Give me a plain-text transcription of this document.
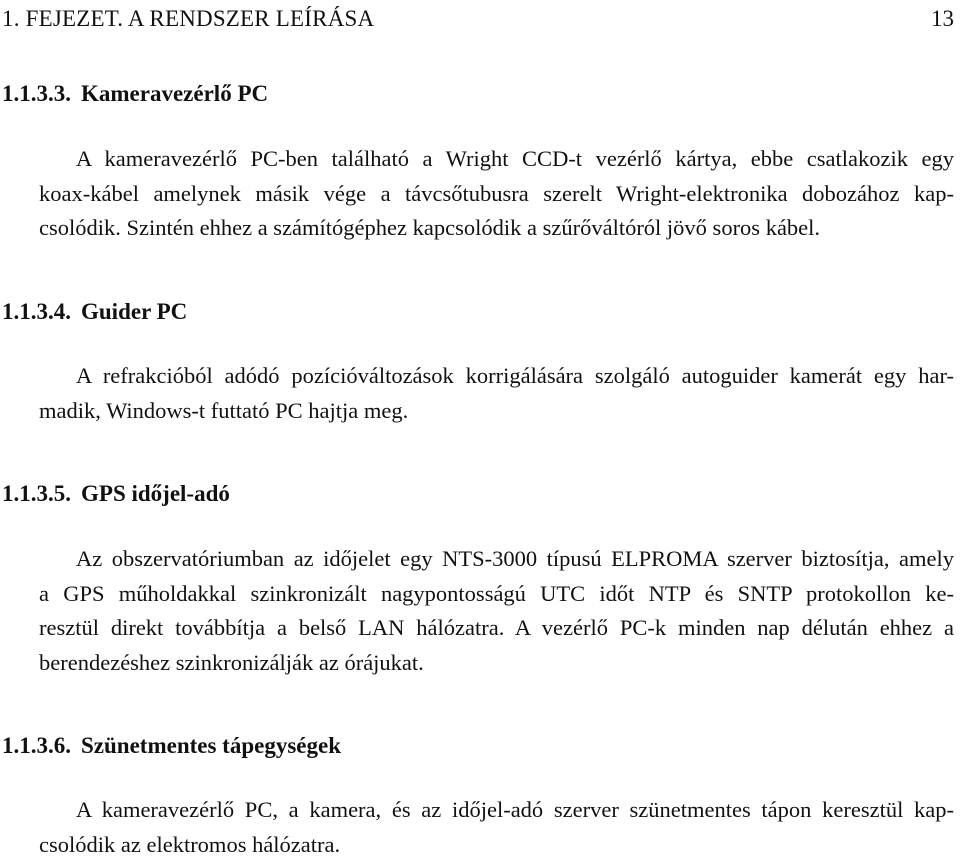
1. FEJEZET. A RENDSZER LEÍRÁSA	13
1.1.3.3. Kameravezérlő PC
A kameravezérlő PC-ben található a Wright CCD-t vezérlő kártya, ebbe csatlakozik egy
koax-kábel amelynek másik vége a távcsőtubusra szerelt Wright-elektronika dobozához kap-
csolódik. Szintén ehhez a számítógéphez kapcsolódik a szűrőváltóról jövő soros kábel.
1.1.3.4. Guider PC
A refrakcióból adódó pozícióváltozások korrigálására szolgáló autoguider kamerát egy har-
madik, Windows-t futtató PC hajtja meg.
1.1.3.5. GPS időjel-adó
Az obszervatóriumban az időjelet egy NTS-3000 típusú ELPROMA szerver biztosítja, amely
a GPS műholdakkal szinkronizált nagypontosságú UTC időt NTP és SNTP protokollon ke-
resztül direkt továbbítja a belső LAN hálózatra. A vezérlő PC-k minden nap délután ehhez a
berendezéshez szinkronizálják az órájukat.
1.1.3.6. Szünetmentes tápegységek
A kameravezérlő PC, a kamera, és az időjel-adó szerver szünetmentes tápon keresztül kap-
csolódik az elektromos hálózatra.
